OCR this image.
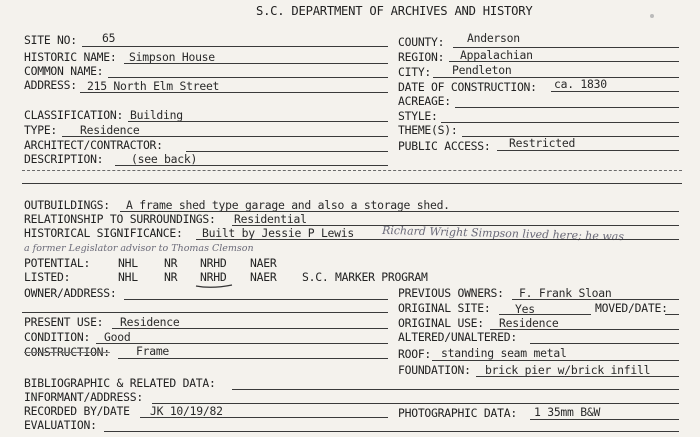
S.C. DEPARTMENT OF ARCHIVES AND HISTORY
SITE NO: 65
HISTORIC NAME: Simpson House
COMMON NAME:
ADDRESS: 215 North Elm Street
CLASSIFICATION: Building
TYPE: Residence
ARCHITECT/CONTRACTOR:
DESCRIPTION: (see back)
COUNTY: Anderson
REGION: Appalachian
CITY: Pendleton
DATE OF CONSTRUCTION: ca. 1830
ACREAGE:
STYLE:
THEME(S):
PUBLIC ACCESS: Restricted
OUTBUILDINGS: A frame shed type garage and also a storage shed.
RELATIONSHIP TO SURROUNDINGS: Residential
HISTORICAL SIGNIFICANCE: Built by Jessie P Lewis	Richard Wright Simpson lived here; he was
a former Legislator advisor to Thomas Clemson
POTENTIAL: NHL NR NRHD NAER
LISTED:	NHL NR NRHD NAER S.C. MARKER PROGRAM
OWNER/ADDRESS:
PRESENT USE: Residence
CONDITION: Good
CONSTRUCTION: Frame
PREVIOUS OWNERS: F. Frank Sloan
ORIGINAL SITE: Yes	MOVED/DATE:
ORIGINAL USE: Residence
ALTERED/UNALTERED:
ROOF: standing seam metal
FOUNDATION: brick pier w/brick infill
BIBLIOGRAPHIC & RELATED DATA:
INFORMANT/ADDRESS:
RECORDED BY/DATE JK 10/19/82	PHOTOGRAPHIC DATA: 1 35mm B&W
EVALUATION:
